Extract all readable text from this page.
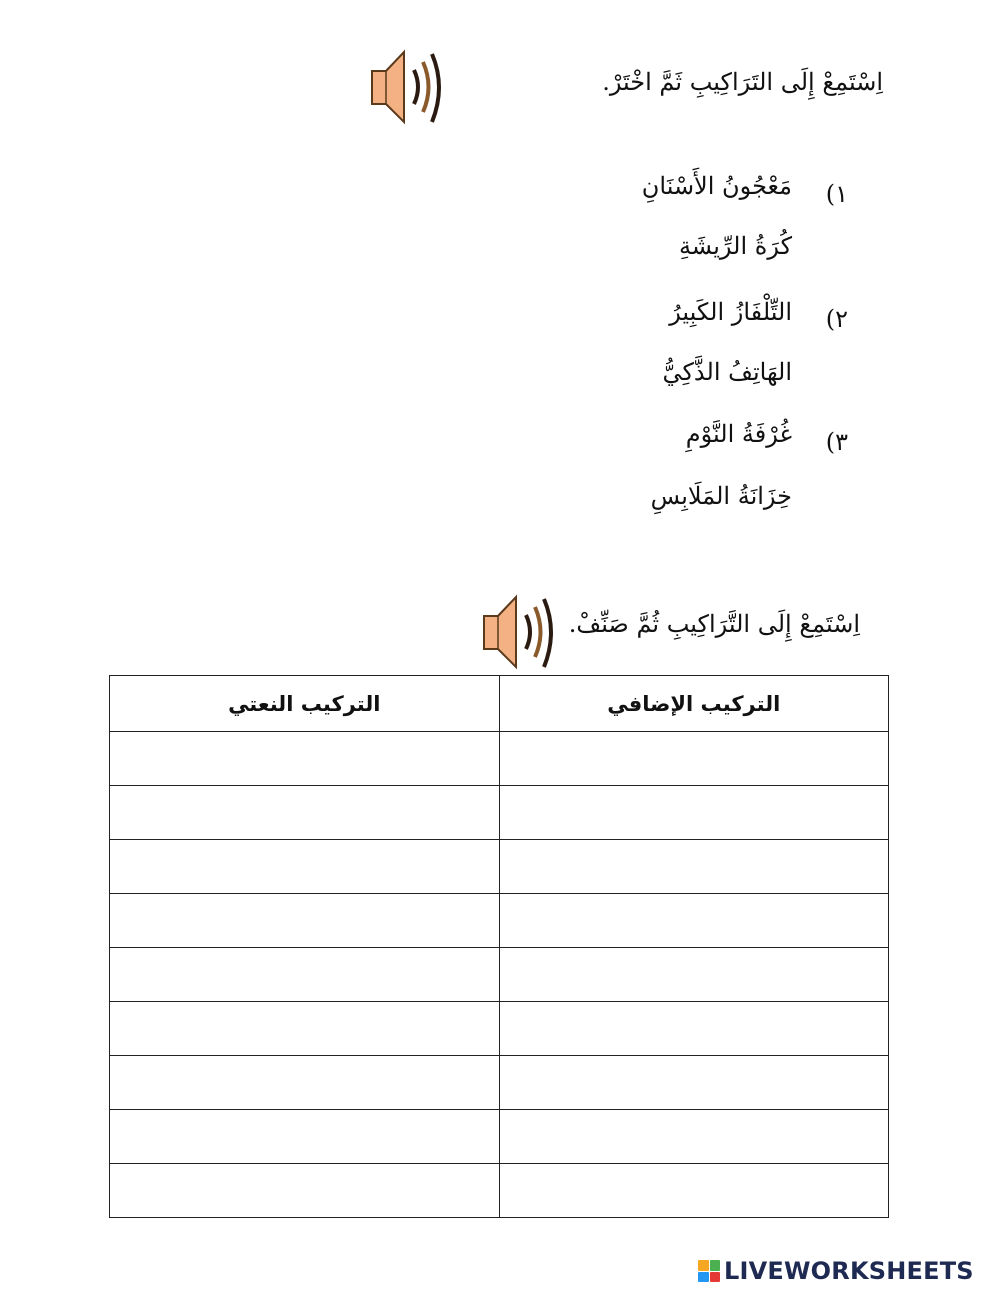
اِسْتَمِعْ إِلَى التَرَاكِيبِ ثَمَّ اخْتَرْ.
١)
مَعْجُونُ الأَسْنَانِ
كُرَةُ الرِّيشَةِ
٢)
التِّلْفَازُ الكَبِيرُ
الهَاتِفُ الذَّكِيُّ
٣)
غُرْفَةُ النَّوْمِ
خِزَانَةُ المَلَابِسِ
اِسْتَمِعْ إِلَى التَّرَاكِيبِ ثُمَّ صَنِّفْ.
التركيب الإضافي	التركيب النعتي

LIVEWORKSHEETS
